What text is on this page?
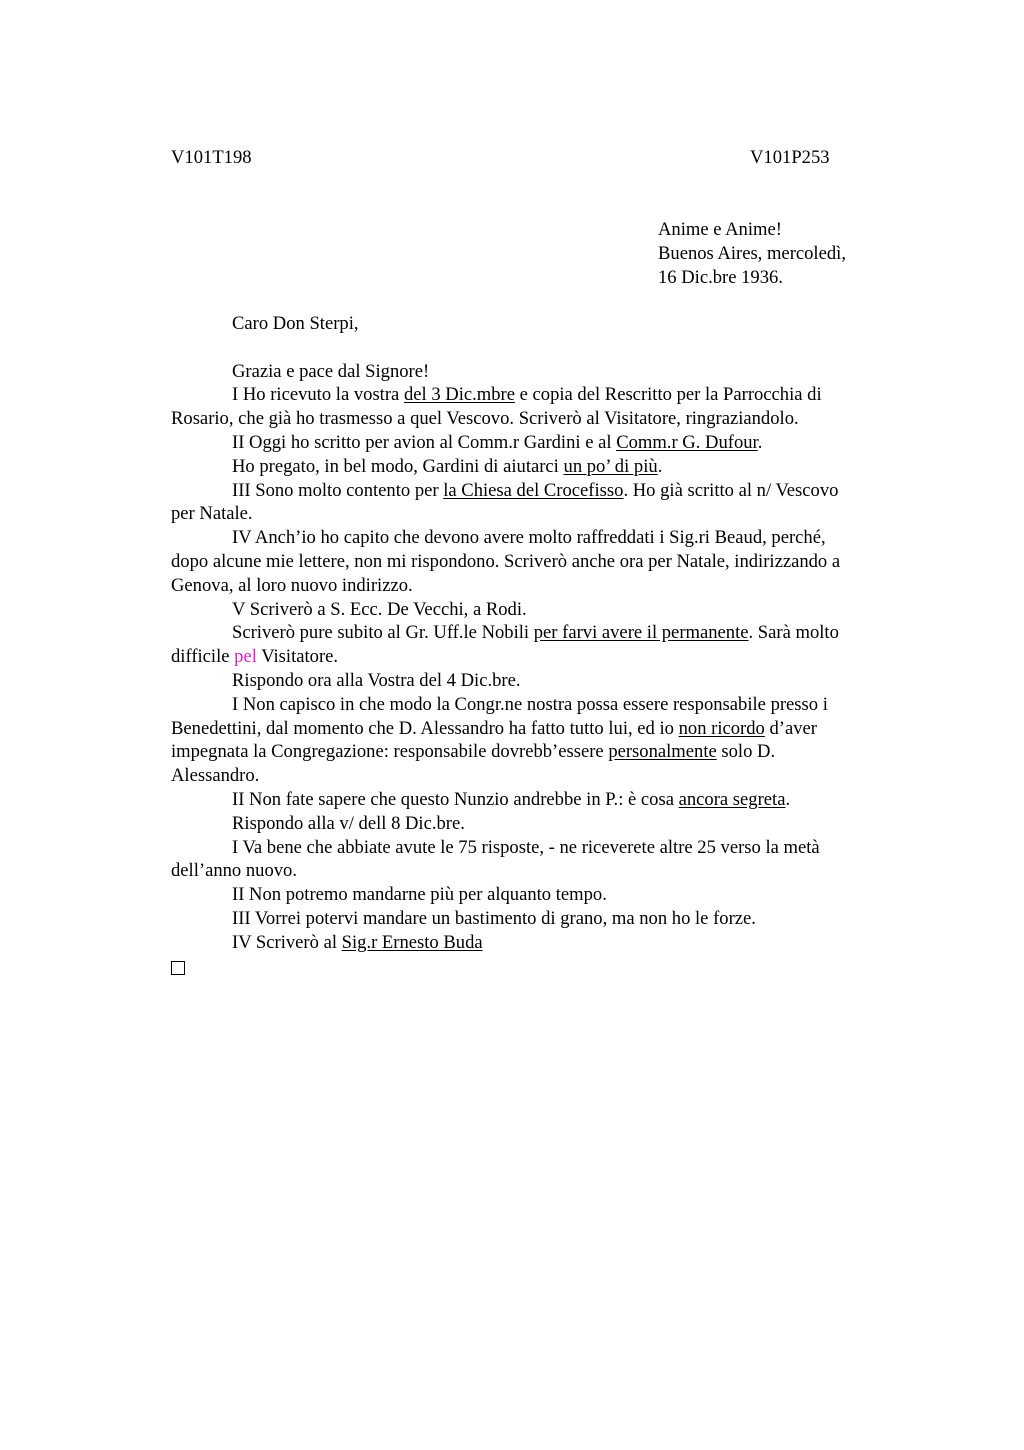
V101T198	V101P253
Anime e Anime!
Buenos Aires, mercoledì,
16 Dic.bre 1936.

Caro Don Sterpi,

Grazia e pace dal Signore!

I Ho ricevuto la vostra del 3 Dic.mbre e copia del Rescritto per la Parrocchia di

Rosario, che già ho trasmesso a quel Vescovo. Scriverò al Visitatore, ringraziandolo.

II Oggi ho scritto per avion al Comm.r Gardini e al Comm.r G. Dufour.

Ho pregato, in bel modo, Gardini di aiutarci un po’ di più.

III Sono molto contento per la Chiesa del Crocefisso. Ho già scritto al n/ Vescovo

per Natale.

IV Anch’io ho capito che devono avere molto raffreddati i Sig.ri Beaud, perché,

dopo alcune mie lettere, non mi rispondono. Scriverò anche ora per Natale, indirizzando a

Genova, al loro nuovo indirizzo.

V Scriverò a S. Ecc. De Vecchi, a Rodi.

Scriverò pure subito al Gr. Uff.le Nobili per farvi avere il permanente. Sarà molto

difficile pel Visitatore.

Rispondo ora alla Vostra del 4 Dic.bre.

I Non capisco in che modo la Congr.ne nostra possa essere responsabile presso i

Benedettini, dal momento che D. Alessandro ha fatto tutto lui, ed io non ricordo d’aver

impegnata la Congregazione: responsabile dovrebb’essere personalmente solo D.

Alessandro.

II Non fate sapere che questo Nunzio andrebbe in P.: è cosa ancora segreta.

Rispondo alla v/ dell 8 Dic.bre.

I Va bene che abbiate avute le 75 risposte, - ne riceverete altre 25 verso la metà

dell’anno nuovo.

II Non potremo mandarne più per alquanto tempo.

III Vorrei potervi mandare un bastimento di grano, ma non ho le forze.

IV Scriverò al Sig.r Ernesto Buda
